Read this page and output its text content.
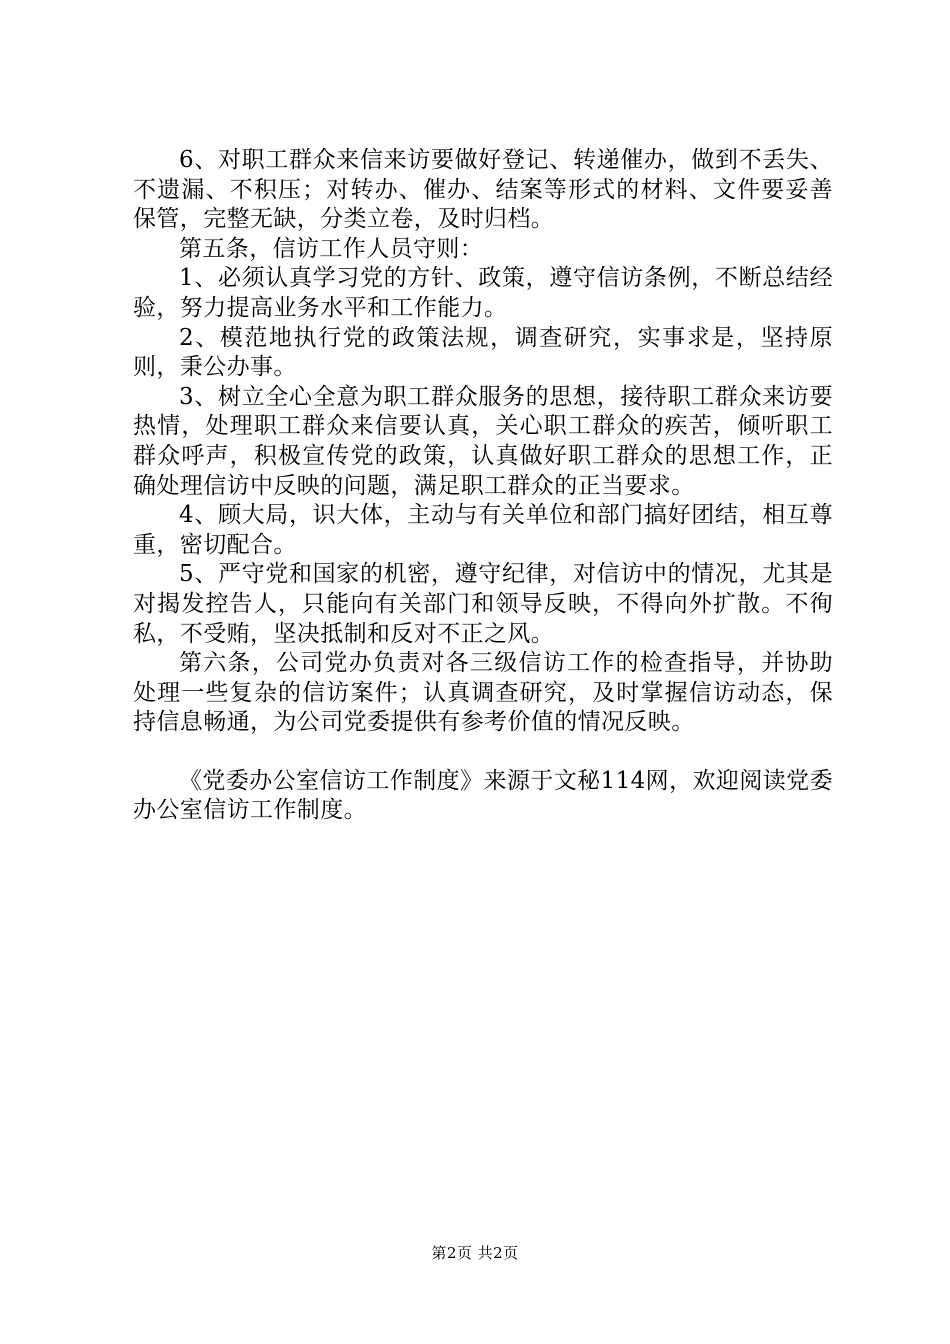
6、对职工群众来信来访要做好登记、转递催办，做到不丢失、不遗漏、不积压；对转办、催办、结案等形式的材料、文件要妥善保管，完整无缺，分类立卷，及时归档。

第五条，信访工作人员守则：

1、必须认真学习党的方针、政策，遵守信访条例，不断总结经验，努力提高业务水平和工作能力。

2、模范地执行党的政策法规，调查研究，实事求是，坚持原则，秉公办事。

3、树立全心全意为职工群众服务的思想，接待职工群众来访要热情，处理职工群众来信要认真，关心职工群众的疾苦，倾听职工群众呼声，积极宣传党的政策，认真做好职工群众的思想工作，正确处理信访中反映的问题，满足职工群众的正当要求。

4、顾大局，识大体，主动与有关单位和部门搞好团结，相互尊重，密切配合。

5、严守党和国家的机密，遵守纪律，对信访中的情况，尤其是对揭发控告人，只能向有关部门和领导反映，不得向外扩散。不徇私，不受贿，坚决抵制和反对不正之风。

第六条，公司党办负责对各三级信访工作的检查指导，并协助处理一些复杂的信访案件；认真调查研究，及时掌握信访动态，保持信息畅通，为公司党委提供有参考价值的情况反映。

《党委办公室信访工作制度》来源于文秘114网，欢迎阅读党委办公室信访工作制度。

第2页 共2页
